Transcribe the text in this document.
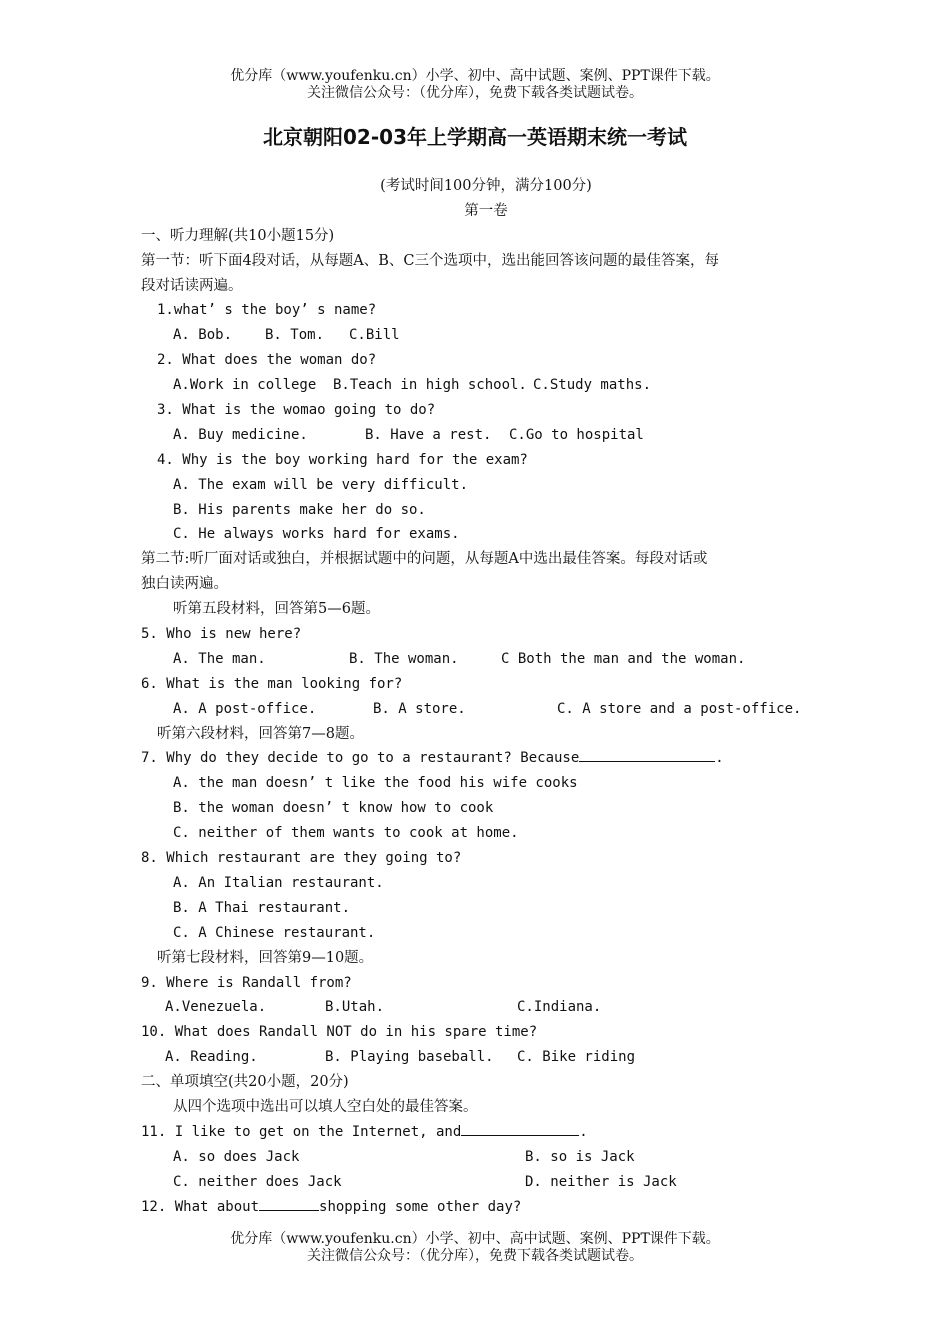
优分库（www.youfenku.cn）小学、初中、高中试题、案例、PPT课件下载。
关注微信公众号：（优分库），免费下载各类试题试卷。
北京朝阳02-03年上学期高一英语期末统一考试
(考试时间100分钟，满分100分)
第一卷
一、听力理解(共10小题15分)
第一节：听下面4段对话，从每题A、B、C三个选项中，选出能回答该问题的最佳答案，每
段对话读两遍。
1.what’ s the boy’ s name?

A. Bob.

B. Tom.

C.Bill

2. What does the woman do?

A.Work in college

B.Teach in high school.

C.Study maths.

3. What is the womao going to do?

A. Buy medicine.

	B. Have a rest.

C.Go to hospital

4. Why is the boy working hard for the exam?
A. The exam will be very difficult.
B. His parents make her do so.
C. He always works hard for exams.
第二节:听厂面对话或独白，并根据试题中的问题，从每题A中选出最佳答案。每段对话或
独白读两遍。
听第五段材料，回答第5—6题。
5. Who is new here?

A. The man.

	B. The woman.

	C Both the man and the woman.

6. What is the man looking for?

A. A post-office.

	B. A store.

	C. A store and a post-office.

听第六段材料，回答第7—8题。
7. Why do they decide to go to a restaurant? Because	.
A. the man doesn’ t like the food his wife cooks
B. the woman doesn’ t know how to cook
C. neither of them wants to cook at home.
8. Which restaurant are they going to?
A. An Italian restaurant.
B. A Thai restaurant.
C. A Chinese restaurant.
听第七段材料，回答第9—10题。
9. Where is Randall from?

A.Venezuela.

	B.Utah.

	C.Indiana.

10. What does Randall NOT do in his spare time?

A. Reading.

	B. Playing baseball.

C. Bike riding

二、单项填空(共20小题，20分)
从四个选项中选出可以填人空白处的最佳答案。
11. I like to get on the Internet, and	.

A. so does Jack

	B. so is Jack

C. neither does Jack

	D. neither is Jack

12. What about	shopping some other day?
优分库（www.youfenku.cn）小学、初中、高中试题、案例、PPT课件下载。
关注微信公众号：（优分库），免费下载各类试题试卷。
